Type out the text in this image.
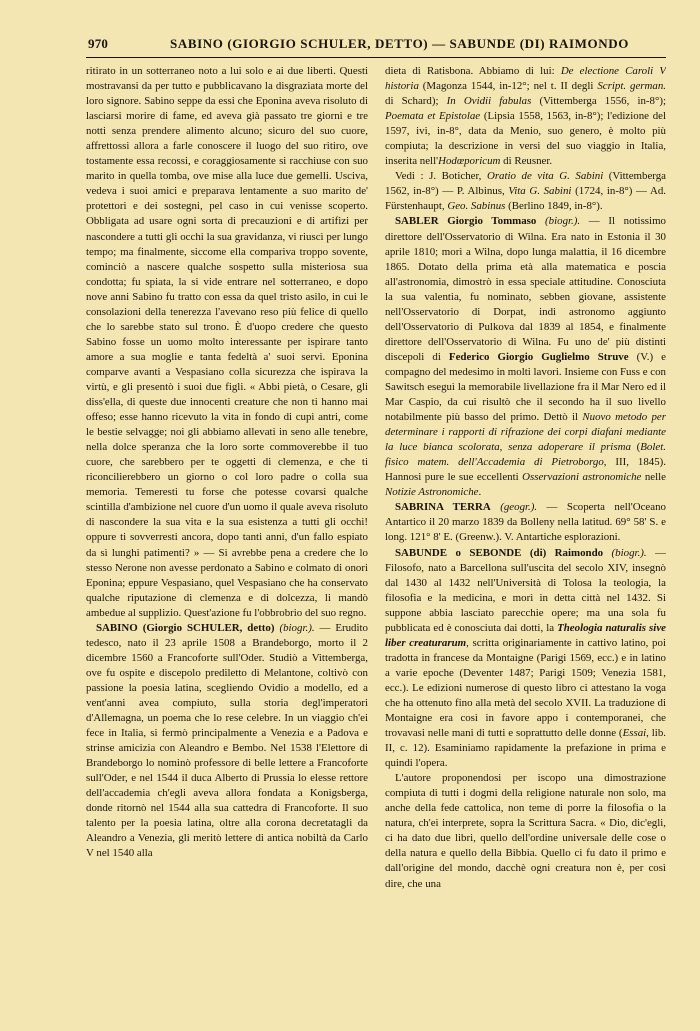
970	SABINO (GIORGIO SCHULER, DETTO) — SABUNDE (DI) RAIMONDO

ritirato in un sotterraneo noto a lui solo e ai due liberti. Questi mostravansi da per tutto e pubblicavano la disgraziata morte del loro signore. Sabino seppe da essi che Eponina aveva risoluto di lasciarsi morire di fame, ed aveva già passato tre giorni e tre notti senza prendere alimento alcuno; sicuro del suo cuore, affrettossi allora a farle conoscere il luogo del suo ritiro, ove tostamente essa recossi, e coraggiosamente si racchiuse con suo marito in quella tomba, ove mise alla luce due gemelli. Usciva, vedeva i suoi amici e preparava lentamente a suo marito de' protettori e dei sostegni, pel caso in cui venisse scoperto. Obbligata ad usare ogni sorta di precauzioni e di artifizi per nascondere a tutti gli occhi la sua gravidanza, vi riuscì per lungo tempo; ma finalmente, siccome ella compariva troppo sovente, cominciò a nascere qualche sospetto sulla misteriosa sua condotta; fu spiata, la si vide entrare nel sotterraneo, e dopo nove anni Sabino fu tratto con essa da quel tristo asilo, in cui le consolazioni della tenerezza l'avevano reso più felice di quello che lo sarebbe stato sul trono. È d'uopo credere che questo Sabino fosse un uomo molto interessante per ispirare tanto amore a sua moglie e tanta fedeltà a' suoi servi. Eponina comparve avanti a Vespasiano colla sicurezza che ispirava la virtù, e gli presentò i suoi due figli. « Abbi pietà, o Cesare, gli diss'ella, di queste due innocenti creature che non ti hanno mai offeso; esse hanno ricevuto la vita in fondo di cupi antri, come le bestie selvagge; noi gli abbiamo allevati in seno alle tenebre, nella dolce speranza che la loro sorte commoverebbe il tuo cuore, che sarebbero per te oggetti di clemenza, e che ti riconcilierebbero un giorno o col loro padre o colla sua memoria. Temeresti tu forse che potesse covarsi qualche scintilla d'ambizione nel cuore d'un uomo il quale aveva risoluto di nascondere la sua vita e la sua esistenza a tutti gli occhi! oppure ti sovverresti ancora, dopo tanti anni, d'un fallo espiato da sì lunghi patimenti? » — Si avrebbe pena a credere che lo stesso Nerone non avesse perdonato a Sabino e colmato di onori Eponina; eppure Vespasiano, quel Vespasiano che ha conservato qualche riputazione di clemenza e di dolcezza, li mandò ambedue al supplizio. Quest'azione fu l'obbrobrio del suo regno.

SABINO (Giorgio SCHULER, detto) (biogr.). — Erudito tedesco, nato il 23 aprile 1508 a Brandeborgo, morto il 2 dicembre 1560 a Francoforte sull'Oder. Studiò a Vittemberga, ove fu ospite e discepolo prediletto di Melantone, coltivò con passione la poesia latina, scegliendo Ovidio a modello, ed a vent'anni avea compiuto, sulla storia degl'imperatori d'Allemagna, un poema che lo rese celebre. In un viaggio ch'ei fece in Italia, si fermò principalmente a Venezia e a Padova e strinse amicizia con Aleandro e Bembo. Nel 1538 l'Elettore di Brandeborgo lo nominò professore di belle lettere a Francoforte sull'Oder, e nel 1544 il duca Alberto di Prussia lo elesse rettore dell'accademia ch'egli aveva allora fondata a Konigsberga, donde ritornò nel 1544 alla sua cattedra di Francoforte. Il suo talento per la poesia latina, oltre alla corona decretatagli da Aleandro a Venezia, gli meritò lettere di antica nobiltà da Carlo V nel 1540 alla

dieta di Ratisbona. Abbiamo di lui: De electione Caroli V historia (Magonza 1544, in-12°; nel t. II degli Script. german. di Schard); In Ovidii fabulas (Vittemberga 1556, in-8°); Poemata et Epistolae (Lipsia 1558, 1563, in-8°); l'edizione del 1597, ivi, in-8°, data da Menio, suo genero, è molto più compiuta; la descrizione in versi del suo viaggio in Italia, inserita nell'Hodœporicum di Reusner.

Vedi : J. Boticher, Oratio de vita G. Sabini (Vittemberga 1562, in-8°) — P. Albinus, Vita G. Sabini (1724, in-8°) — Ad. Fürstenhaupt, Geo. Sabinus (Berlino 1849, in-8°).

SABLER Giorgio Tommaso (biogr.). — Il notissimo direttore dell'Osservatorio di Wilna. Era nato in Estonia il 30 aprile 1810; morì a Wilna, dopo lunga malattia, il 16 dicembre 1865. Dotato della prima età alla matematica e poscia all'astronomia, dimostrò in essa speciale attitudine. Conosciuta la sua valentia, fu nominato, sebben giovane, assistente nell'Osservatorio di Dorpat, indi astronomo aggiunto dell'Osservatorio di Pulkova dal 1839 al 1854, e finalmente direttore dell'Osservatorio di Wilna. Fu uno de' più distinti discepoli di Federico Giorgio Guglielmo Struve (V.) e compagno del medesimo in molti lavori. Insieme con Fuss e con Sawitsch eseguì la memorabile livellazione fra il Mar Nero ed il Mar Caspio, da cui risultò che il secondo ha il suo livello notabilmente più basso del primo. Dettò il Nuovo metodo per determinare i rapporti di rifrazione dei corpi diafani mediante la luce bianca scolorata, senza adoperare il prisma (Bolet. fisico matem. dell'Accademia di Pietroborgo, III, 1845). Hannosi pure le sue eccellenti Osservazioni astronomiche nelle Notizie Astronomiche.

SABRINA TERRA (geogr.). — Scoperta nell'Oceano Antartico il 20 marzo 1839 da Bolleny nella latitud. 69° 58' S. e long. 121° 8' E. (Greenw.). V. Antartiche esplorazioni.

SABUNDE o SEBONDE (di) Raimondo (biogr.). — Filosofo, nato a Barcellona sull'uscita del secolo XIV, insegnò dal 1430 al 1432 nell'Università di Tolosa la teologia, la filosofia e la medicina, e morì in detta città nel 1432. Si suppone abbia lasciato parecchie opere; ma una sola fu pubblicata ed è conosciuta dai dotti, la Theologia naturalis sive liber creaturarum, scritta originariamente in cattivo latino, poi tradotta in francese da Montaigne (Parigi 1569, ecc.) e in latino a varie epoche (Deventer 1487; Parigi 1509; Venezia 1581, ecc.). Le edizioni numerose di questo libro ci attestano la voga che ha ottenuto fino alla metà del secolo XVII. La traduzione di Montaigne era così in favore appo i contemporanei, che trovavasi nelle mani di tutti e soprattutto delle donne (Essai, lib. II, c. 12). Esaminiamo rapidamente la prefazione in prima e quindi l'opera.

L'autore proponendosi per iscopo una dimostrazione compiuta di tutti i dogmi della religione naturale non solo, ma anche della fede cattolica, non teme di porre la filosofia o la natura, ch'ei interprete, sopra la Scrittura Sacra. « Dio, dic'egli, ci ha dato due libri, quello dell'ordine universale delle cose o della natura e quello della Bibbia. Quello ci fu dato il primo e dall'origine del mondo, dacchè ogni creatura non è, per così dire, che una
